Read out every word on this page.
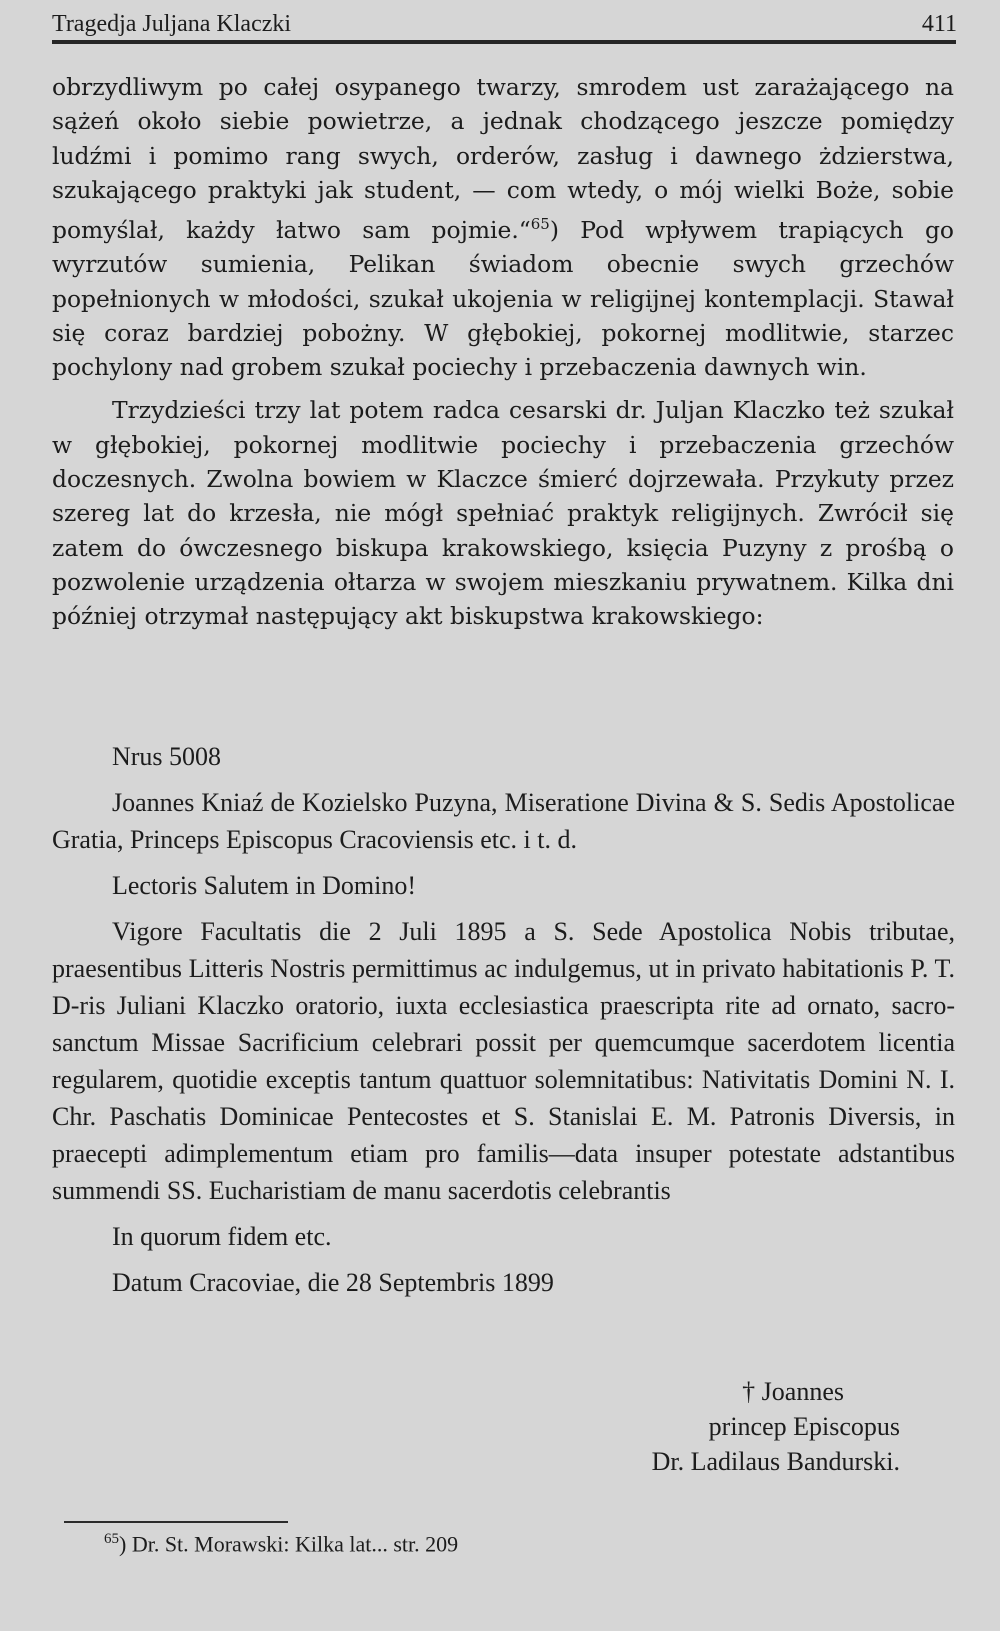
Tragedja Juljana Klaczki	411

obrzydliwym po całej osypanego twarzy, smrodem ust zarażającego na sążeń około siebie powietrze, a jednak chodzącego jeszcze pomiędzy ludźmi i pomimo rang swych, orderów, zasług i dawnego żdzierstwa, szukającego praktyki jak student, — com wtedy, o mój wielki Boże, sobie pomyślał, każdy łatwo sam pojmie.“$^{65}$) Pod wpływem trapiących go wyrzutów sumienia, Pelikan świadom obecnie swych grzechów popełnionych w młodości, szukał ukojenia w religijnej kontemplacji. Stawał się coraz bardziej pobożny. W głębokiej, pokornej modlitwie, starzec pochylony nad grobem szukał pociechy i przebaczenia dawnych win.

Trzydzieści trzy lat potem radca cesarski dr. Juljan Klaczko też szukał w głębokiej, pokornej modlitwie pociechy i przebaczenia grzechów doczesnych. Zwolna bowiem w Klaczce śmierć dojrzewała. Przykuty przez szereg lat do krzesła, nie mógł spełniać praktyk religijnych. Zwrócił się zatem do ówczesnego biskupa krakowskiego, księcia Puzyny z prośbą o pozwolenie urządzenia ołtarza w swojem mieszkaniu prywatnem. Kilka dni później otrzymał następujący akt biskupstwa krakowskiego:

Nrus 5008

Joannes Kniaź de Kozielsko Puzyna, Miseratione Divina & S. Sedis Apostolicae Gratia, Princeps Episcopus Cracoviensis etc. i t. d.

Lectoris Salutem in Domino!

Vigore Facultatis die 2 Juli 1895 a S. Sede Apostolica Nobis tributae, praesentibus Litteris Nostris permittimus ac indulgemus, ut in privato habitationis P. T. D-ris Juliani Klaczko oratorio, iuxta ecclesiastica praescripta rite ad ornato, sacro-sanctum Missae Sacrificium celebrari possit per quemcumque sacerdotem licentia regularem, quotidie exceptis tantum quattuor solemnitatibus: Nativitatis Domini N. I. Chr. Paschatis Dominicae Pentecostes et S. Stanislai E. M. Patronis Diversis, in praecepti adimplementum etiam pro familis—data insuper potestate adstantibus summendi SS. Eucharistiam de manu sacerdotis celebrantis

In quorum fidem etc.

Datum Cracoviae, die 28 Septembris 1899

† Joannes
princep Episcopus
Dr. Ladilaus Bandurski.
$^{65}$) Dr. St. Morawski: Kilka lat... str. 209
